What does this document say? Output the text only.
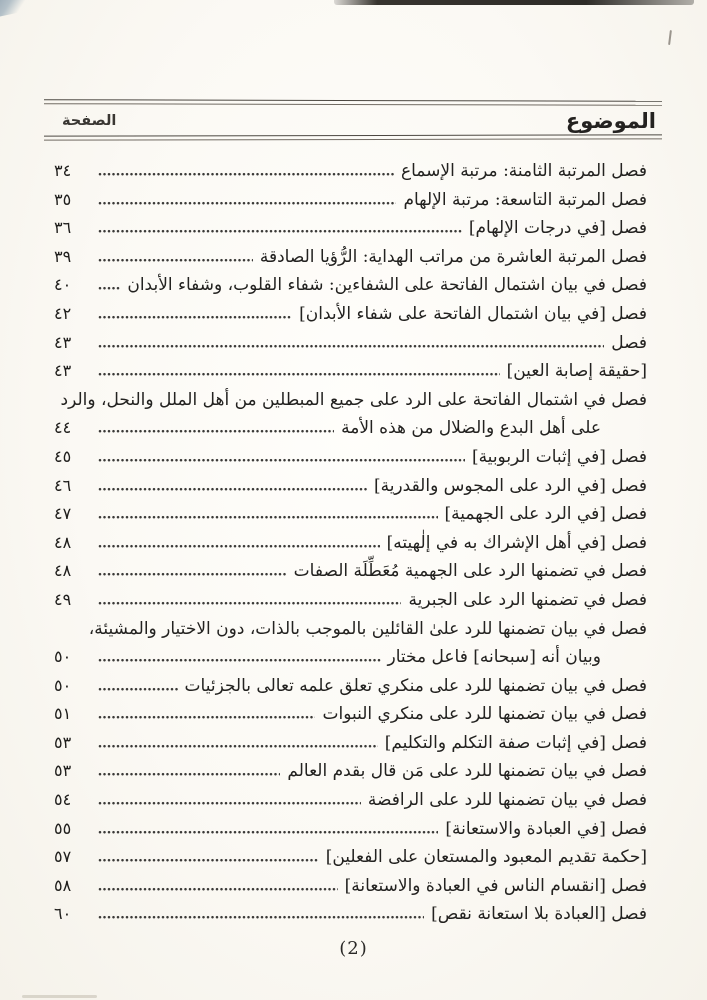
الموضوع
الصفحة
فصل المرتبة الثامنة: مرتبة الإسماع
٣٤
فصل المرتبة التاسعة: مرتبة الإلهام
٣٥
فصل [في درجات الإلهام]
٣٦
فصل المرتبة العاشرة من مراتب الهداية: الرُّؤيا الصادقة
٣٩
فصل في بيان اشتمال الفاتحة على الشفاءين: شفاء القلوب، وشفاء الأبدان
٤٠
فصل [في بيان اشتمال الفاتحة على شفاء الأبدان]
٤٢
فصل
٤٣
[حقيقة إصابة العين]
٤٣
فصل في اشتمال الفاتحة على الرد على جميع المبطلين من أهل الملل والنحل، والرد
على أهل البدع والضلال من هذه الأمة
٤٤
فصل [في إثبات الربوبية]
٤٥
فصل [في الرد على المجوس والقدرية]
٤٦
فصل [في الرد على الجهمية]
٤٧
فصل [في أهل الإشراك به في إلٰهيته]
٤٨
فصل في تضمنها الرد على الجهمية مُعَطِّلَة الصفات
٤٨
فصل في تضمنها الرد على الجبرية
٤٩
فصل في بيان تضمنها للرد علىٰ القائلين بالموجب بالذات، دون الاختيار والمشيئة،
وبيان أنه [سبحانه] فاعل مختار
٥٠
فصل في بيان تضمنها للرد على منكري تعلق علمه تعالى بالجزئيات
٥٠
فصل في بيان تضمنها للرد على منكري النبوات
٥١
فصل [في إثبات صفة التكلم والتكليم]
٥٣
فصل في بيان تضمنها للرد على مَن قال بقدم العالم
٥٣
فصل في بيان تضمنها للرد على الرافضة
٥٤
فصل [في العبادة والاستعانة]
٥٥
[حكمة تقديم المعبود والمستعان على الفعلين]
٥٧
فصل [انقسام الناس في العبادة والاستعانة]
٥٨
فصل [العبادة بلا استعانة نقص]
٦٠
(2)
